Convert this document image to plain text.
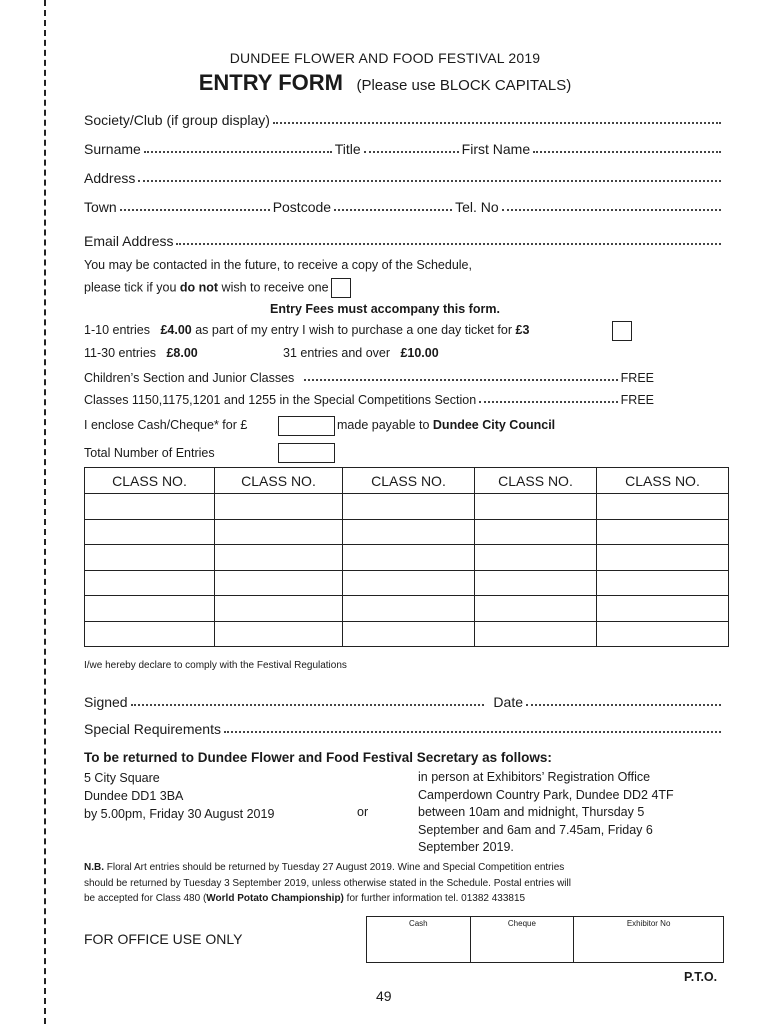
DUNDEE FLOWER AND FOOD FESTIVAL 2019
ENTRY FORM (Please use BLOCK CAPITALS)
Society/Club (if group display)
Surname	Title	First Name
Address
Town	Postcode	Tel. No
Email Address
You may be contacted in the future, to receive a copy of the Schedule,
please tick if you do not wish to receive one
Entry Fees must accompany this form.
1-10 entries £4.00 as part of my entry I wish to purchase a one day ticket for £3
11-30 entries £8.00	31 entries and over £10.00
Children’s Section and Junior Classes	FREE
Classes 1150,1175,1201 and 1255 in the Special Competitions Section	FREE
I enclose Cash/Cheque* for £	made payable to Dundee City Council
Total Number of Entries
CLASS NO.	CLASS NO.	CLASS NO.	CLASS NO.	CLASS NO.

I/we hereby declare to comply with the Festival Regulations
Signed	Date
Special Requirements
To be returned to Dundee Flower and Food Festival Secretary as follows:
5 City Square
Dundee DD1 3BA
by 5.00pm, Friday 30 August 2019	or
in person at Exhibitors’ Registration Office
Camperdown Country Park, Dundee DD2 4TF
between 10am and midnight, Thursday 5
September and 6am and 7.45am, Friday 6
September 2019.
N.B. Floral Art entries should be returned by Tuesday 27 August 2019. Wine and Special Competition entries
should be returned by Tuesday 3 September 2019, unless otherwise stated in the Schedule. Postal entries will
be accepted for Class 480 (World Potato Championship) for further information tel. 01382 433815
FOR OFFICE USE ONLY
Cash	Cheque	Exhibitor No
P.T.O.
49
